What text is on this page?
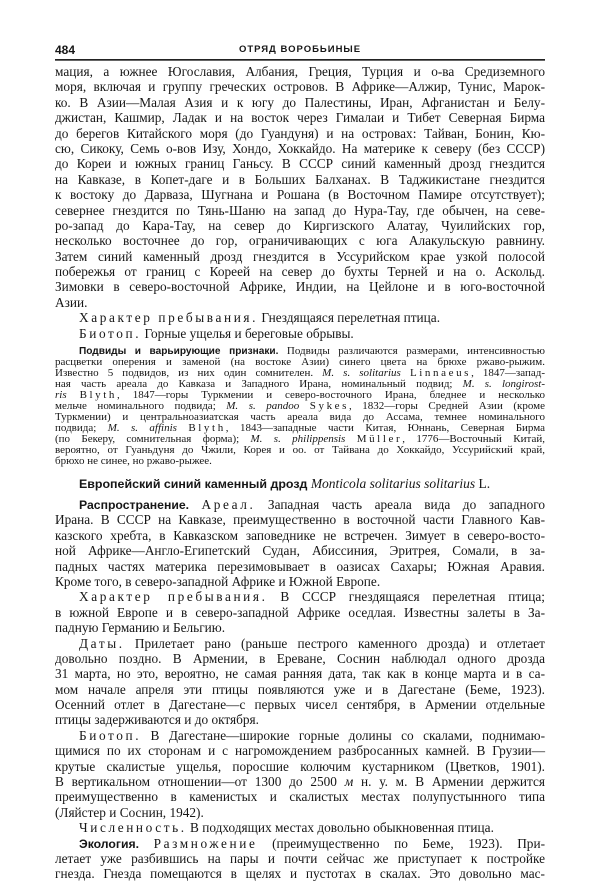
484	ОТРЯД ВОРОБЬИНЫЕ
мация, а южнее Югославия, Албания, Греция, Турция и о-ва Средиземного
моря, включая и группу греческих островов. В Африке—Алжир, Тунис, Марок-
ко. В Азии—Малая Азия и к югу до Палестины, Иран, Афганистан и Белу-
джистан, Кашмир, Ладак и на восток через Гималаи и Тибет Северная Бирма
до берегов Китайского моря (до Гуандуня) и на островах: Тайван, Бонин, Кю-
сю, Сикоку, Семь о-вов Изу, Хондо, Хоккайдо. На материке к северу (без СССР)
до Кореи и южных границ Ганьсу. В СССР синий каменный дрозд гнездится
на Кавказе, в Копет-даге и в Больших Балханах. В Таджикистане гнездится
к востоку до Дарваза, Шугнана и Рошана (в Восточном Памире отсутствует);
севернее гнездится по Тянь-Шаню на запад до Нура-Тау, где обычен, на севе-
ро-запад до Кара-Тау, на север до Киргизского Алатау, Чуилийских гор,
несколько восточнее до гор, ограничивающих с юга Алакульскую равнину.
Затем синий каменный дрозд гнездится в Уссурийском крае узкой полосой
побережья от границ с Кореей на север до бухты Терней и на о. Аскольд.
Зимовки в северо-восточной Африке, Индии, на Цейлоне и в юго-восточной
Азии.
Характер пребывания. Гнездящаяся перелетная птица.
Биотоп. Горные ущелья и береговые обрывы.
Подвиды и варьирующие признаки. Подвиды различаются размерами, интенсивностью
расцветки оперения и заменой (на востоке Азии) синего цвета на брюхе ржаво-рыжим.
Известно 5 подвидов, из них один сомнителен. M. s. solitarius Linnaeus, 1847—запад-
ная часть ареала до Кавказа и Западного Ирана, номинальный подвид; M. s. longirost-
ris Blyth, 1847—горы Туркмении и северо-восточного Ирана, бледнее и несколько
мельче номинального подвида; M. s. pandoo Sykes, 1832—горы Средней Азии (кроме
Туркмении) и центральноазиатская часть ареала вида до Ассама, темнее номинального
подвида; M. s. affinis Blyth, 1843—западные части Китая, Юннань, Северная Бирма
(по Бекеру, сомнительная форма); M. s. philippensis Müller, 1776—Восточный Китай,
вероятно, от Гуаньдуня до Чжили, Корея и оо. от Тайвана до Хоккайдо, Уссурийский край,
брюхо не синее, но ржаво-рыжее.
Европейский синий каменный дрозд Monticola solitarius solitarius L.
Распространение. Ареал. Западная часть ареала вида до западного
Ирана. В СССР на Кавказе, преимущественно в восточной части Главного Кав-
казского хребта, в Кавказском заповеднике не встречен. Зимует в северо-восто-
ной Африке—Англо-Египетский Судан, Абиссиния, Эритрея, Сомали, в за-
падных частях материка перезимовывает в оазисах Сахары; Южная Аравия.
Кроме того, в северо-западной Африке и Южной Европе.
Характер пребывания. В СССР гнездящаяся перелетная птица;
в южной Европе и в северо-западной Африке оседлая. Известны залеты в За-
падную Германию и Бельгию.
Даты. Прилетает рано (раньше пестрого каменного дрозда) и отлетает
довольно поздно. В Армении, в Ереване, Соснин наблюдал одного дрозда
31 марта, но это, вероятно, не самая ранняя дата, так как в конце марта и в са-
мом начале апреля эти птицы появляются уже и в Дагестане (Беме, 1923).
Осенний отлет в Дагестане—с первых чисел сентября, в Армении отдельные
птицы задерживаются и до октября.
Биотоп. В Дагестане—широкие горные долины со скалами, поднимаю-
щимися по их сторонам и с нагромождением разбросанных камней. В Грузии—
крутые скалистые ущелья, поросшие колючим кустарником (Цветков, 1901).
В вертикальном отношении—от 1300 до 2500 м н. у. м. В Армении держится
преимущественно в каменистых и скалистых местах полупустынного типа
(Ляйстер и Соснин, 1942).
Численность. В подходящих местах довольно обыкновенная птица.
Экология. Размножение (преимущественно по Беме, 1923). При-
летает уже разбившись на пары и почти сейчас же приступает к постройке
гнезда. Гнезда помещаются в щелях и пустотах в скалах. Это довольно мас-
